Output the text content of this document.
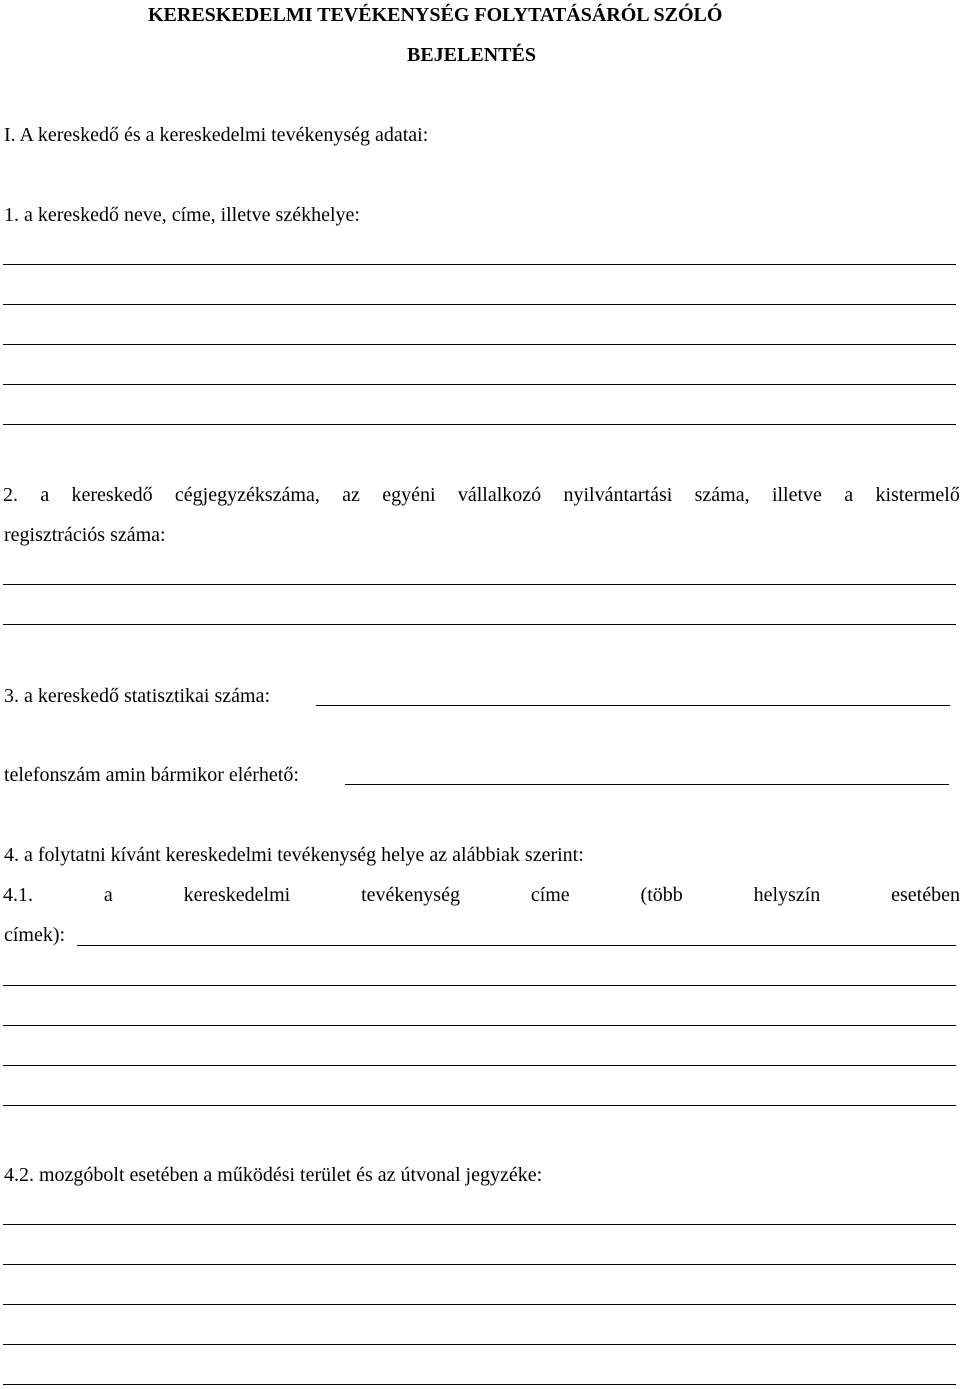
KERESKEDELMI TEVÉKENYSÉG FOLYTATÁSÁRÓL SZÓLÓ
BEJELENTÉS
I. A kereskedő és a kereskedelmi tevékenység adatai:
1. a kereskedő neve, címe, illetve székhelye:
2. a kereskedő cégjegyzékszáma, az egyéni vállalkozó nyilvántartási száma, illetve a kistermelő
regisztrációs száma:
3. a kereskedő statisztikai száma:
telefonszám amin bármikor elérhető:
4. a folytatni kívánt kereskedelmi tevékenység helye az alábbiak szerint:
4.1.	a	kereskedelmi	tevékenység	címe	(több	helyszín	esetében
címek):
4.2. mozgóbolt esetében a működési terület és az útvonal jegyzéke:
